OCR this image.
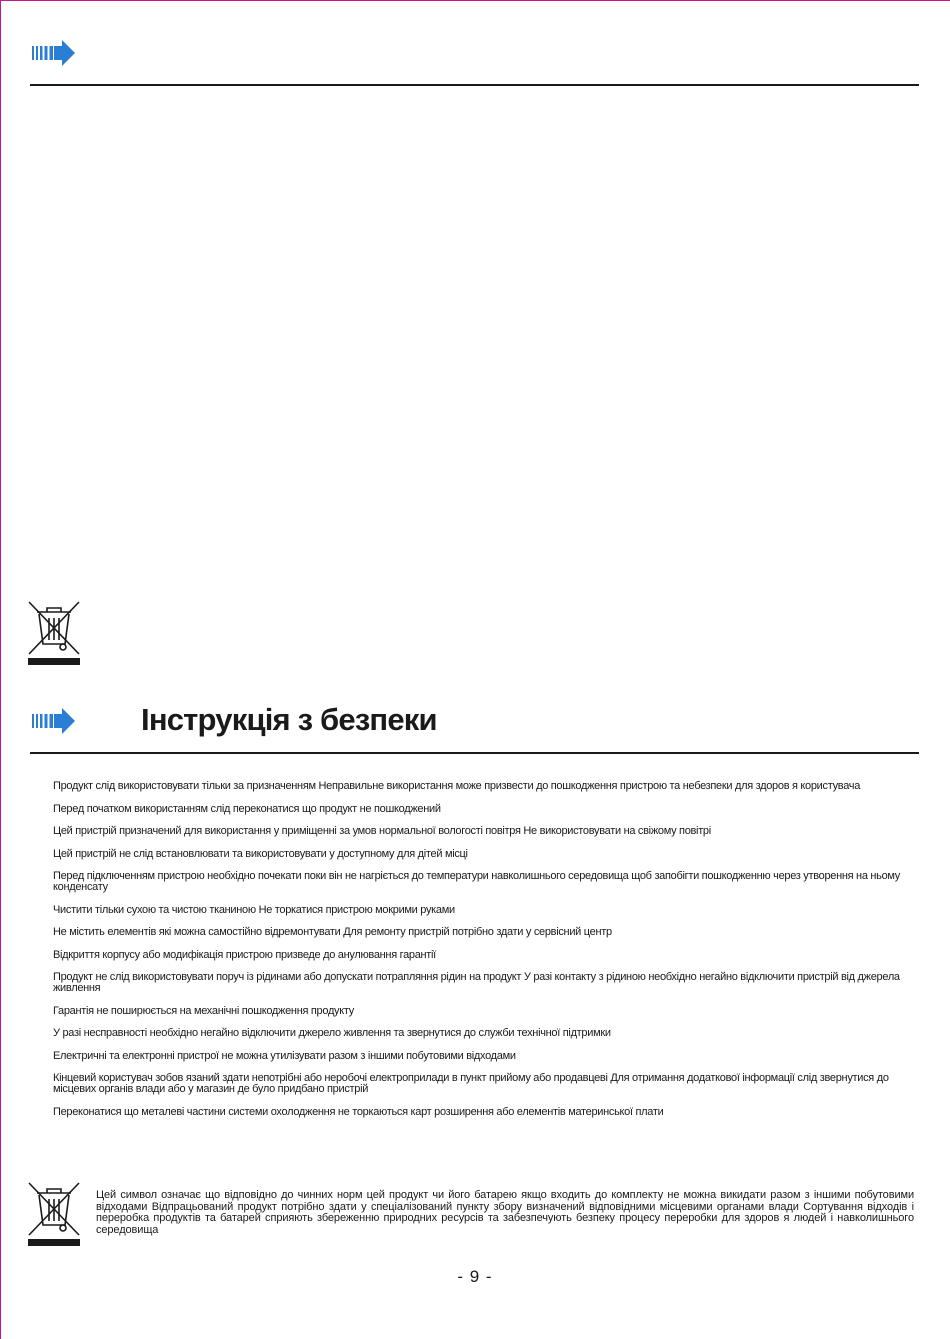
Інструкція з безпеки
Продукт слід використовувати тільки за призначенням Неправильне використання може призвести до пошкодження пристрою та небезпеки для здоров я користувача
Перед початком використанням слід переконатися що продукт не пошкоджений
Цей пристрій призначений для використання у приміщенні за умов нормальної вологості повітря Не використовувати на свіжому повітрі
Цей пристрій не слід встановлювати та використовувати у доступному для дітей місці
Перед підключенням пристрою необхідно почекати поки він не нагріється до температури навколишнього середовища щоб запобігти пошкодженню через утворення на ньому конденсату
Чистити тільки сухою та чистою тканиною Не торкатися пристрою мокрими руками
Не містить елементів які можна самостійно відремонтувати Для ремонту пристрій потрібно здати у сервісний центр
Відкриття корпусу або модифікація пристрою призведе до анулювання гарантії
Продукт не слід використовувати поруч із рідинами або допускати потрапляння рідин на продукт У разі контакту з рідиною необхідно негайно відключити пристрій від джерела живлення
Гарантія не поширюється на механічні пошкодження продукту
У разі несправності необхідно негайно відключити джерело живлення та звернутися до служби технічної підтримки
Електричні та електронні пристрої не можна утилізувати разом з іншими побутовими відходами
Кінцевий користувач зобов язаний здати непотрібні або неробочі електроприлади в пункт прийому або продавцеві Для отримання додаткової інформації слід звернутися до місцевих органів влади або у магазин де було придбано пристрій
Переконатися що металеві частини системи охолодження не торкаються карт розширення або елементів материнської плати

Цей символ означає що відповідно до чинних норм цей продукт чи його батарею якщо входить до комплекту не можна викидати разом з іншими побутовими відходами Відпрацьований продукт потрібно здати у спеціалізований пункту збору визначений відповідними місцевими органами влади Сортування відходів і переробка продуктів та батарей сприяють збереженню природних ресурсів та забезпечують безпеку процесу переробки для здоров я людей і навколишнього середовища

- 9 -
